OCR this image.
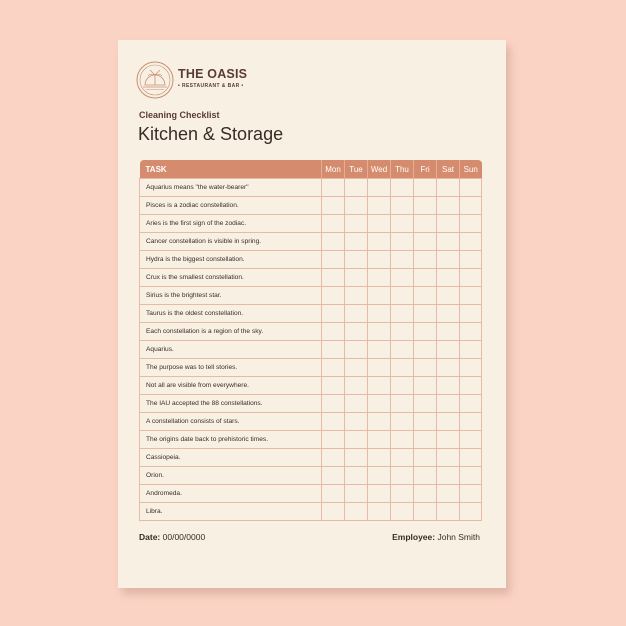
THE OASIS
• RESTAURANT & BAR •
Cleaning Checklist
Kitchen & Storage
TASK	Mon	Tue	Wed	Thu	Fri	Sat	Sun
Aquarius means "the water-bearer"							
Pisces is a zodiac constellation.							
Aries is the first sign of the zodiac.							
Cancer constellation is visible in spring.							
Hydra is the biggest constellation.							
Crux is the smallest constellation.							
Sirius is the brightest star.							
Taurus is the oldest constellation.							
Each constellation is a region of the sky.							
Aquarius.							
The purpose was to tell stories.							
Not all are visible from everywhere.							
The IAU accepted the 88 constellations.							
A constellation consists of stars.							
The origins date back to prehistoric times.							
Cassiopeia.							
Orion.							
Andromeda.							
Libra.							
Date: 00/00/0000	Employee: John Smith
